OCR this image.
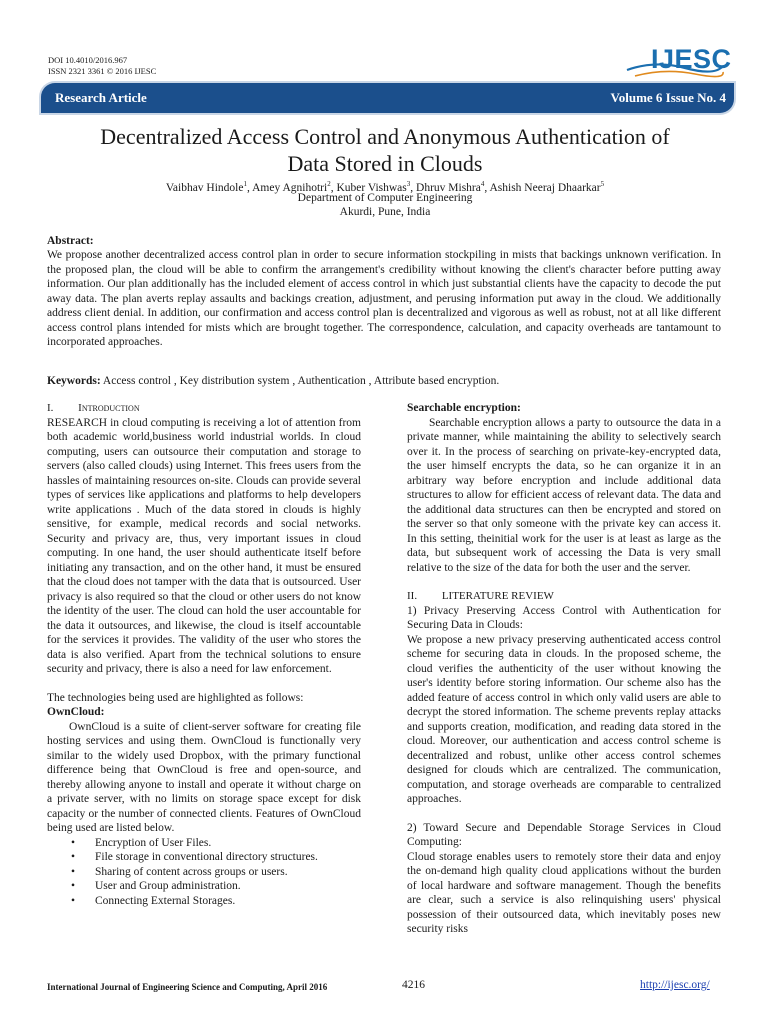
DOI 10.4010/2016.967
ISSN 2321 3361 © 2016 IJESC	IJESC
Research Article	Volume 6 Issue No. 4
Decentralized Access Control and Anonymous Authentication of
Data Stored in Clouds
Vaibhav Hindole$^1$, Amey Agnihotri$^2$, Kuber Vishwas$^3$, Dhruv Mishra$^4$, Ashish Neeraj Dhaarkar$^5$
Department of Computer Engineering
Akurdi, Pune, India
Abstract:

We propose another decentralized access control plan in order to secure information stockpiling in mists that backings unknown verification. In the proposed plan, the cloud will be able to confirm the arrangement's credibility without knowing the client's character before putting away information. Our plan additionally has the included element of access control in which just substantial clients have the capacity to decode the put away data. The plan averts replay assaults and backings creation, adjustment, and perusing information put away in the cloud. We additionally address client denial. In addition, our confirmation and access control plan is decentralized and vigorous as well as robust, not at all like different access control plans intended for mists which are brought together. The correspondence, calculation, and capacity overheads are tantamount to incorporated approaches.

Keywords: Access control , Key distribution system , Authentication , Attribute based encryption.

I. Introduction

RESEARCH in cloud computing is receiving a lot of attention from both academic world,business world industrial worlds. In cloud computing, users can outsource their computation and storage to servers (also called clouds) using Internet. This frees users from the hassles of maintaining resources on-site. Clouds can provide several types of services like applications and platforms to help developers write applications . Much of the data stored in clouds is highly sensitive, for example, medical records and social networks. Security and privacy are, thus, very important issues in cloud computing. In one hand, the user should authenticate itself before initiating any transaction, and on the other hand, it must be ensured that the cloud does not tamper with the data that is outsourced. User privacy is also required so that the cloud or other users do not know the identity of the user. The cloud can hold the user accountable for the data it outsources, and likewise, the cloud is itself accountable for the services it provides. The validity of the user who stores the data is also verified. Apart from the technical solutions to ensure security and privacy, there is also a need for law enforcement.

The technologies being used are highlighted as follows:

OwnCloud:

OwnCloud is a suite of client-server software for creating file hosting services and using them. OwnCloud is functionally very similar to the widely used Dropbox, with the primary functional difference being that OwnCloud is free and open-source, and thereby allowing anyone to install and operate it without charge on a private server, with no limits on storage space except for disk capacity or the number of connected clients. Features of OwnCloud being used are listed below.

• Encryption of User Files.
• File storage in conventional directory structures.
• Sharing of content across groups or users.
• User and Group administration.
• Connecting External Storages.

Searchable encryption:

Searchable encryption allows a party to outsource the data in a private manner, while maintaining the ability to selectively search over it. In the process of searching on private-key-encrypted data, the user himself encrypts the data, so he can organize it in an arbitrary way before encryption and include additional data structures to allow for efficient access of relevant data. The data and the additional data structures can then be encrypted and stored on the server so that only someone with the private key can access it. In this setting, theinitial work for the user is at least as large as the data, but subsequent work of accessing the Data is very small relative to the size of the data for both the user and the server.

II. LITERATURE REVIEW

1) Privacy Preserving Access Control with Authentication for Securing Data in Clouds:

We propose a new privacy preserving authenticated access control scheme for securing data in clouds. In the proposed scheme, the cloud verifies the authenticity of the user without knowing the user's identity before storing information. Our scheme also has the added feature of access control in which only valid users are able to decrypt the stored information. The scheme prevents replay attacks and supports creation, modification, and reading data stored in the cloud. Moreover, our authentication and access control scheme is decentralized and robust, unlike other access control schemes designed for clouds which are centralized. The communication, computation, and storage overheads are comparable to centralized approaches.

2) Toward Secure and Dependable Storage Services in Cloud Computing:

Cloud storage enables users to remotely store their data and enjoy the on-demand high quality cloud applications without the burden of local hardware and software management. Though the benefits are clear, such a service is also relinquishing users' physical possession of their outsourced data, which inevitably poses new security risks

International Journal of Engineering Science and Computing, April 2016	4216	http://ijesc.org/
